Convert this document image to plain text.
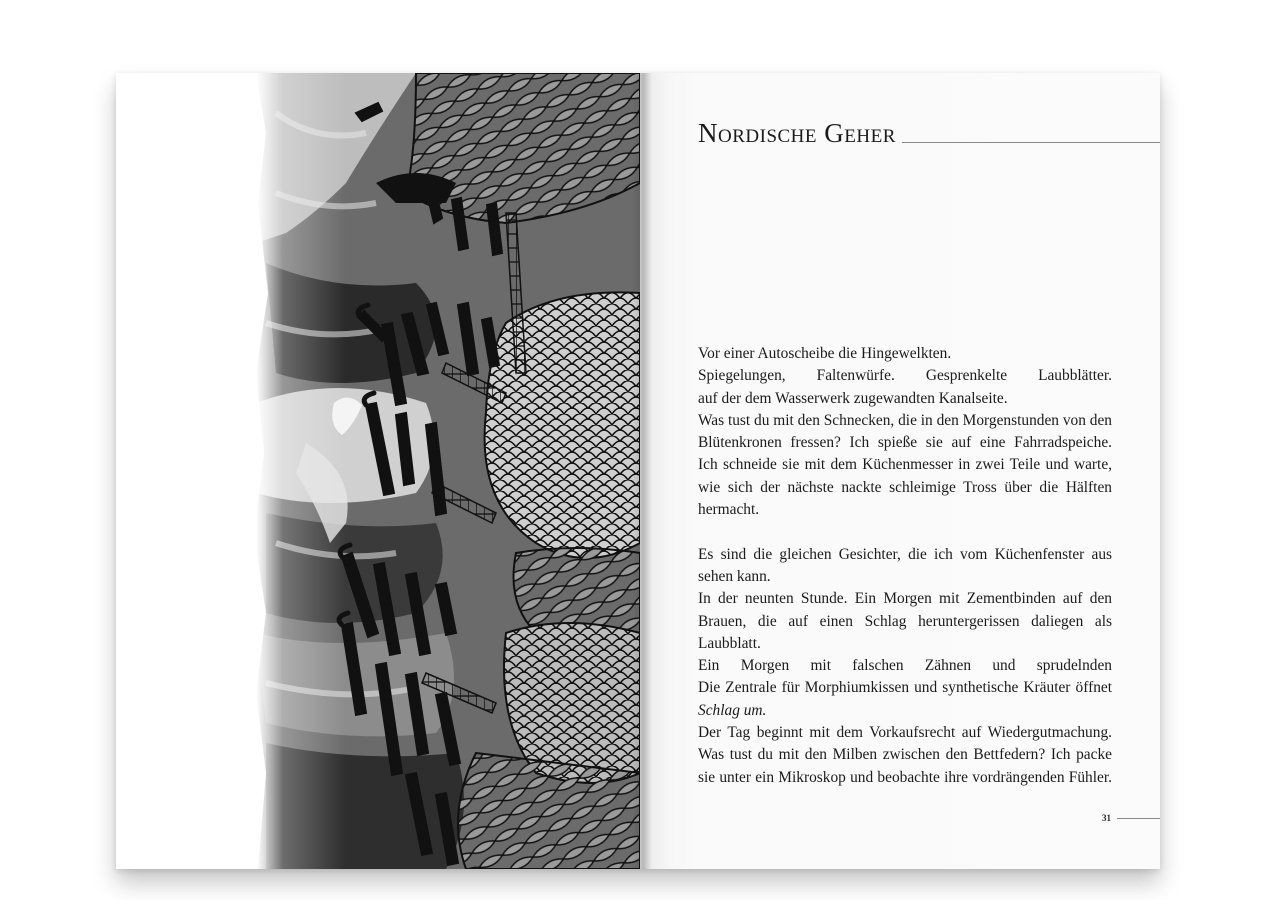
Nordische Geher
Vor einer Autoscheibe die Hingewelkten.
Spiegelungen, Faltenwürfe. Gesprenkelte Laubblätter.
auf der dem Wasserwerk zugewandten Kanalseite.
Was tust du mit den Schnecken, die in den Morgenstunden von den
Blütenkronen fressen? Ich spieße sie auf eine Fahrradspeiche.
Ich schneide sie mit dem Küchenmesser in zwei Teile und warte,
wie sich der nächste nackte schleimige Tross über die Hälften
hermacht.
Es sind die gleichen Gesichter, die ich vom Küchenfenster aus
sehen kann.
In der neunten Stunde. Ein Morgen mit Zementbinden auf den
Brauen, die auf einen Schlag heruntergerissen daliegen als
Laubblatt.
Ein Morgen mit falschen Zähnen und sprudelnden
Die Zentrale für Morphiumkissen und synthetische Kräuter öffnet
Schlag um.
Der Tag beginnt mit dem Vorkaufsrecht auf Wiedergutmachung.
Was tust du mit den Milben zwischen den Bettfedern? Ich packe
sie unter ein Mikroskop und beobachte ihre vordrängenden Fühler.
31
